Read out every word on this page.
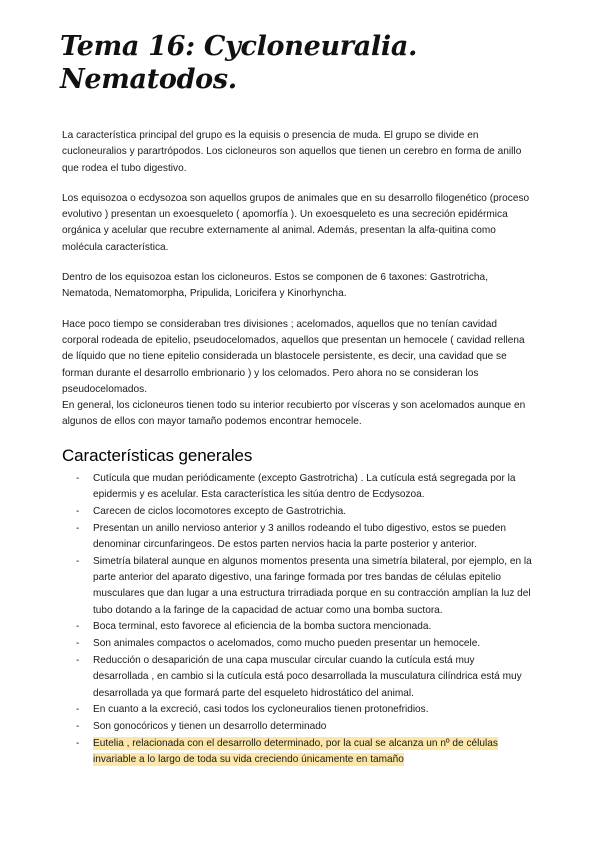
Tema 16: Cycloneuralia.
Nematodos.

La característica principal del grupo es la equisis o presencia de muda. El grupo se divide en cucloneuralios y parartrópodos. Los cicloneuros son aquellos que tienen un cerebro en forma de anillo que rodea el tubo digestivo.

Los equisozoa o ecdysozoa son aquellos grupos de animales que en su desarrollo filogenético (proceso evolutivo ) presentan un exoesqueleto ( apomorfía ). Un exoesqueleto es una secreción epidérmica orgánica y acelular que recubre externamente al animal. Además, presentan la alfa-quitina como molécula característica.

Dentro de los equisozoa estan los cicloneuros. Estos se componen de 6 taxones: Gastrotricha, Nematoda, Nematomorpha, Pripulida, Loricifera y Kinorhyncha.

Hace poco tiempo se consideraban tres divisiones ; acelomados, aquellos que no tenían cavidad corporal rodeada de epitelio, pseudocelomados, aquellos que presentan un hemocele ( cavidad rellena de líquido que no tiene epitelio considerada un blastocele persistente, es decir, una cavidad que se forman durante el desarrollo embrionario ) y los celomados. Pero ahora no se consideran los pseudocelomados.

En general, los cicloneuros tienen todo su interior recubierto por vísceras y son acelomados aunque en algunos de ellos con mayor tamaño podemos encontrar hemocele.

Características generales
- Cutícula que mudan periódicamente (excepto Gastrotricha) . La cutícula está segregada por la epidermis y es acelular. Esta característica les sitúa dentro de Ecdysozoa.
- Carecen de ciclos locomotores excepto de Gastrotrichia.
- Presentan un anillo nervioso anterior y 3 anillos rodeando el tubo digestivo, estos se pueden denominar circunfaringeos. De estos parten nervios hacia la parte posterior y anterior.
- Simetría bilateral aunque en algunos momentos presenta una simetría bilateral, por ejemplo, en la parte anterior del aparato digestivo, una faringe formada por tres bandas de células epitelio musculares que dan lugar a una estructura trirradiada porque en su contracción amplían la luz del tubo dotando a la faringe de la capacidad de actuar como una bomba suctora.
- Boca terminal, esto favorece al eficiencia de la bomba suctora mencionada.
- Son animales compactos o acelomados, como mucho pueden presentar un hemocele.
- Reducción o desaparición de una capa muscular circular cuando la cutícula está muy desarrollada , en cambio si la cutícula está poco desarrollada la musculatura cilíndrica está muy desarrollada ya que formará parte del esqueleto hidrostático del animal.
- En cuanto a la excreció, casi todos los cycloneuralios tienen protonefridios.
- Son gonocóricos y tienen un desarrollo determinado
- Eutelia , relacionada con el desarrollo determinado, por la cual se alcanza un nº de células invariable a lo largo de toda su vida creciendo únicamente en tamaño
